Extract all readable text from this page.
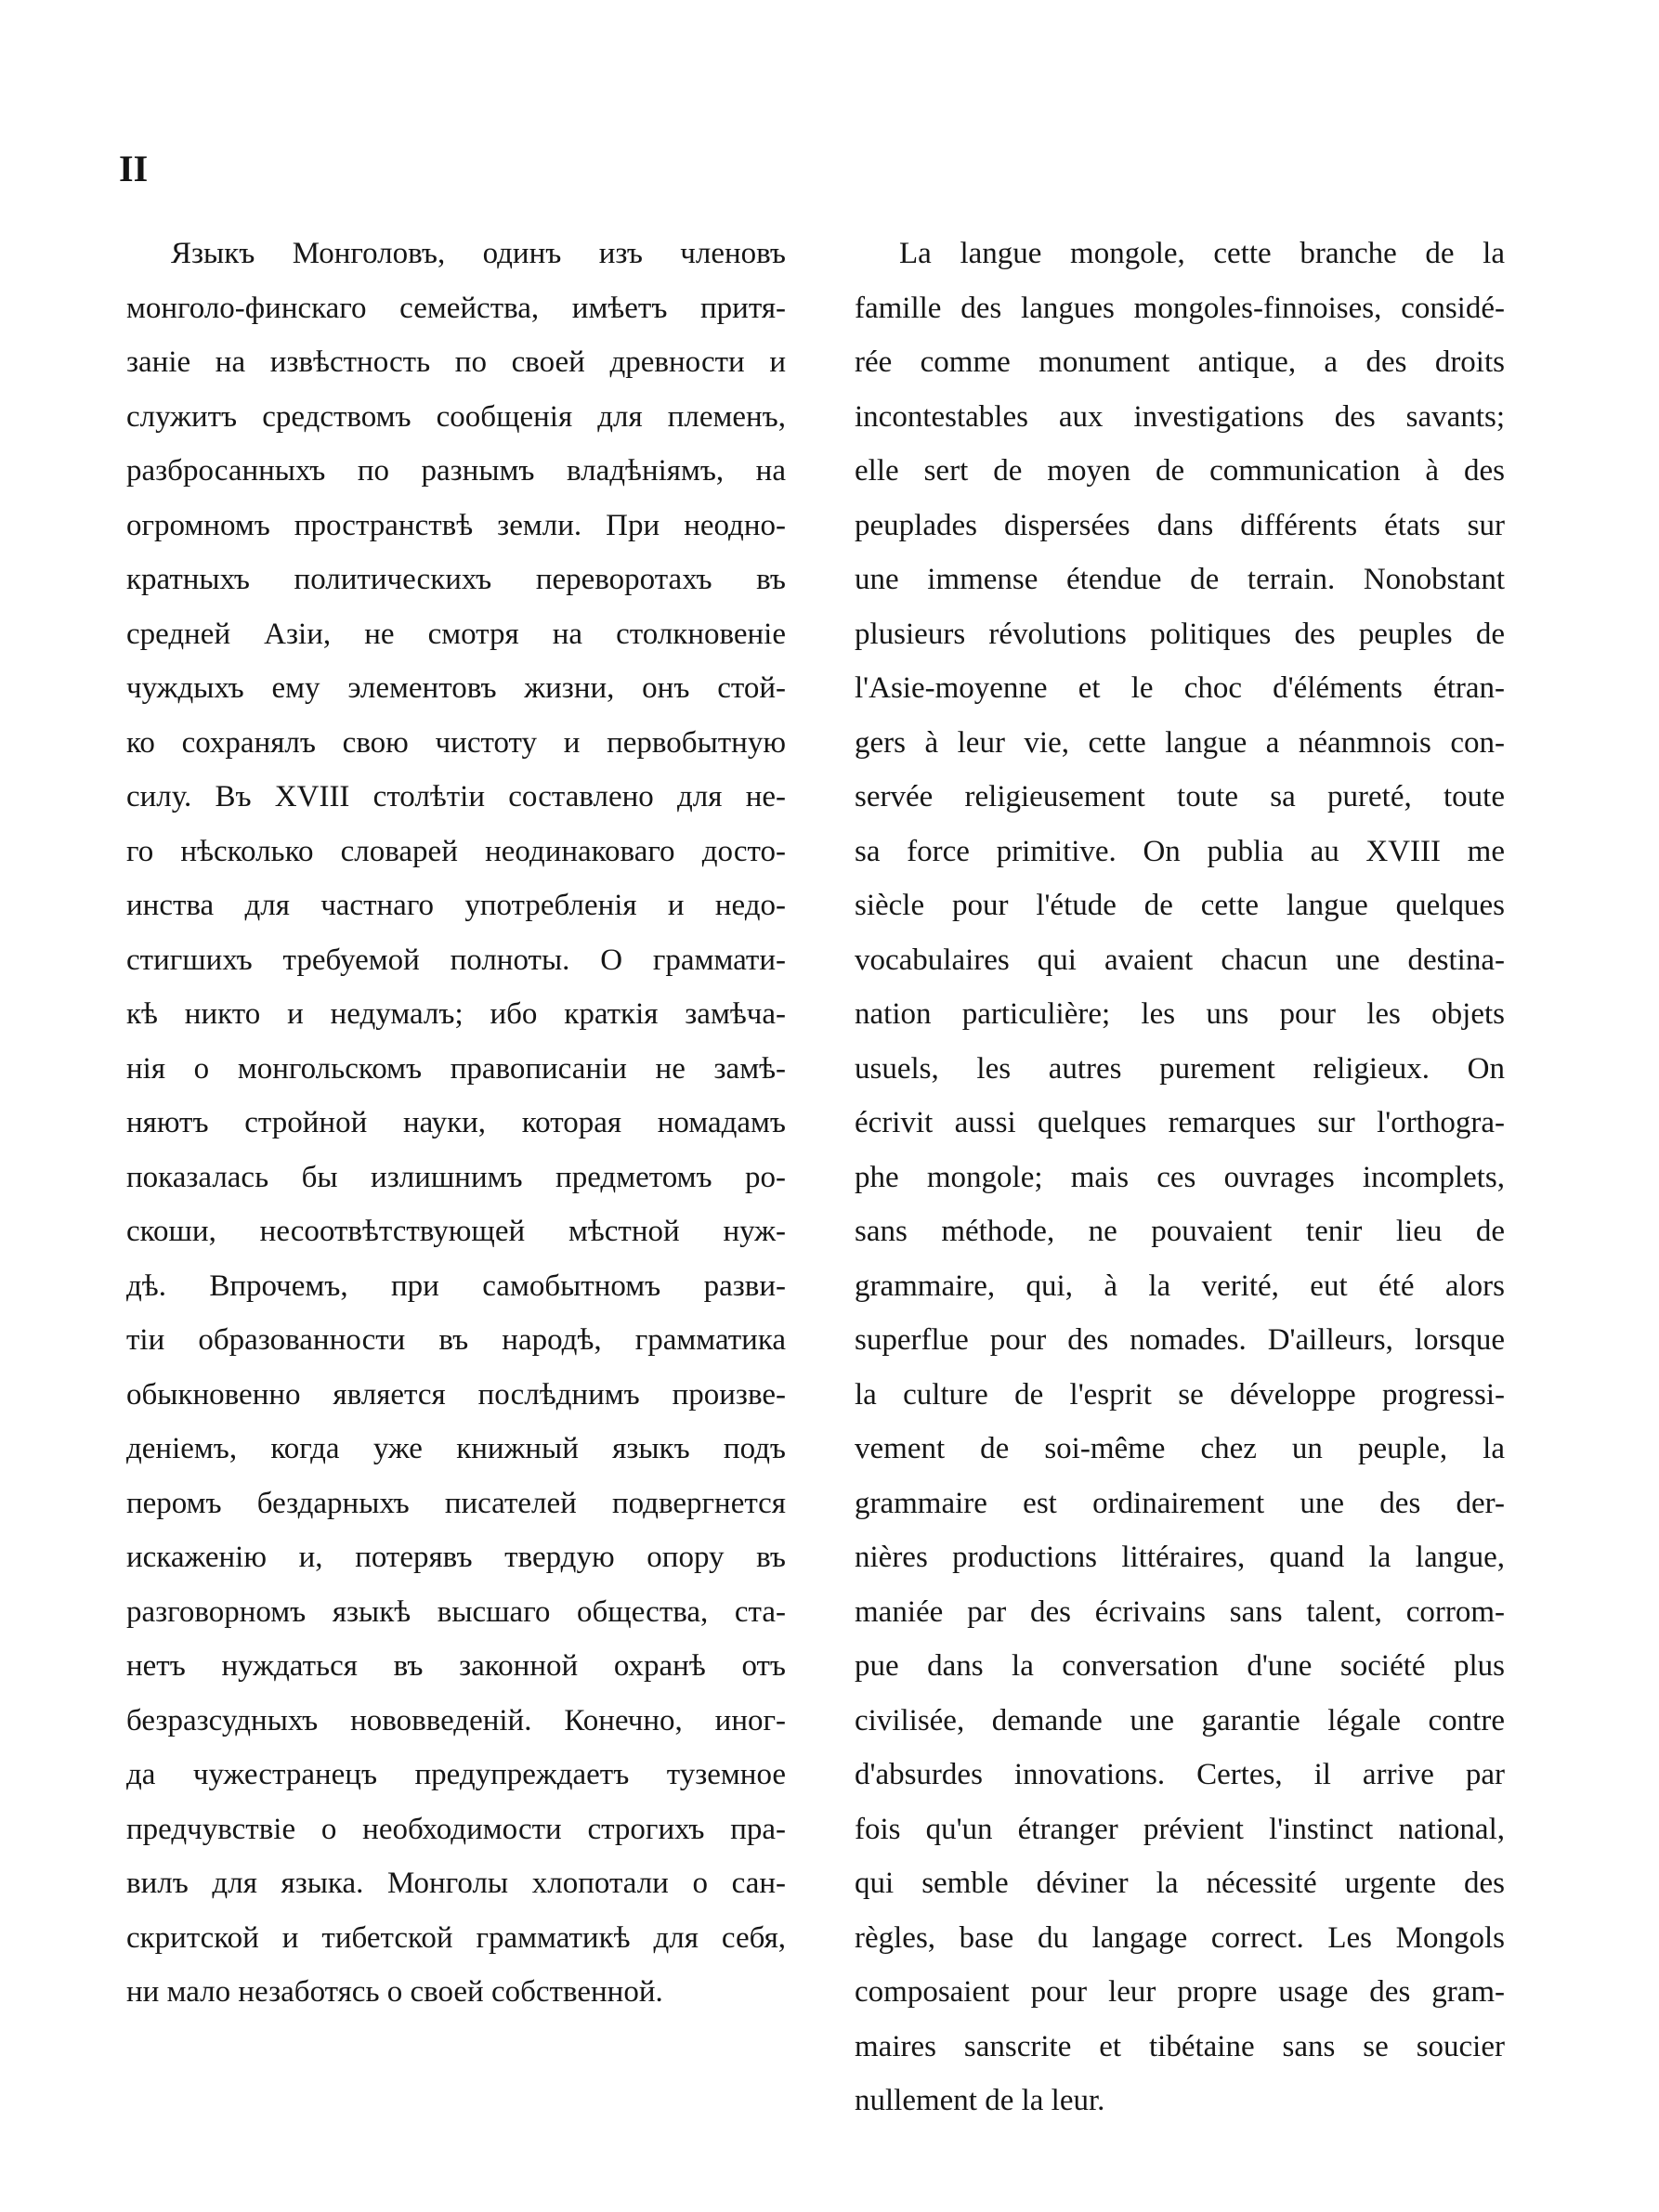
II
Языкъ Монголовъ, одинъ изъ членовъ
монголо-финскаго семейства, имѣетъ притя-
заніе на извѣстность по своей древности и
служитъ средствомъ сообщенія для племенъ,
разбросанныхъ по разнымъ владѣніямъ, на
огромномъ пространствѣ земли. При неодно-
кратныхъ политическихъ переворотахъ въ
средней Азіи, не смотря на столкновеніе
чуждыхъ ему элементовъ жизни, онъ стой-
ко сохранялъ свою чистоту и первобытную
силу. Въ XVIII столѣтіи составлено для не-
го нѣсколько словарей неодинаковаго досто-
инства для частнаго употребленія и недо-
стигшихъ требуемой полноты. О граммати-
кѣ никто и недумалъ; ибо краткія замѣча-
нія о монгольскомъ правописаніи не замѣ-
няютъ стройной науки, которая номадамъ
показалась бы излишнимъ предметомъ ро-
скоши, несоотвѣтствующей мѣстной нуж-
дѣ. Впрочемъ, при самобытномъ разви-
тіи образованности въ народѣ, грамматика
обыкновенно является послѣднимъ произве-
деніемъ, когда уже книжный языкъ подъ
перомъ бездарныхъ писателей подвергнется
искаженію и, потерявъ твердую опору въ
разговорномъ языкѣ высшаго общества, ста-
нетъ нуждаться въ законной охранѣ отъ
безразсудныхъ нововведеній. Конечно, иног-
да чужестранецъ предупреждаетъ туземное
предчувствіе о необходимости строгихъ пра-
вилъ для языка. Монголы хлопотали о сан-
скритской и тибетской грамматикѣ для себя,
ни мало незаботясь о своей собственной.
La langue mongole, cette branche de la
famille des langues mongoles-finnoises, considé-
rée comme monument antique, a des droits
incontestables aux investigations des savants;
elle sert de moyen de communication à des
peuplades dispersées dans différents états sur
une immense étendue de terrain. Nonobstant
plusieurs révolutions politiques des peuples de
l'Asie-moyenne et le choc d'éléments étran-
gers à leur vie, cette langue a néanmnois con-
servée religieusement toute sa pureté, toute
sa force primitive. On publia au XVIII me
siècle pour l'étude de cette langue quelques
vocabulaires qui avaient chacun une destina-
nation particulière; les uns pour les objets
usuels, les autres purement religieux. On
écrivit aussi quelques remarques sur l'orthogra-
phe mongole; mais ces ouvrages incomplets,
sans méthode, ne pouvaient tenir lieu de
grammaire, qui, à la verité, eut été alors
superflue pour des nomades. D'ailleurs, lorsque
la culture de l'esprit se développe progressi-
vement de soi-même chez un peuple, la
grammaire est ordinairement une des der-
nières productions littéraires, quand la langue,
maniée par des écrivains sans talent, corrom-
pue dans la conversation d'une société plus
civilisée, demande une garantie légale contre
d'absurdes innovations. Certes, il arrive par
fois qu'un étranger prévient l'instinct national,
qui semble déviner la nécessité urgente des
règles, base du langage correct. Les Mongols
composaient pour leur propre usage des gram-
maires sanscrite et tibétaine sans se soucier
nullement de la leur.
